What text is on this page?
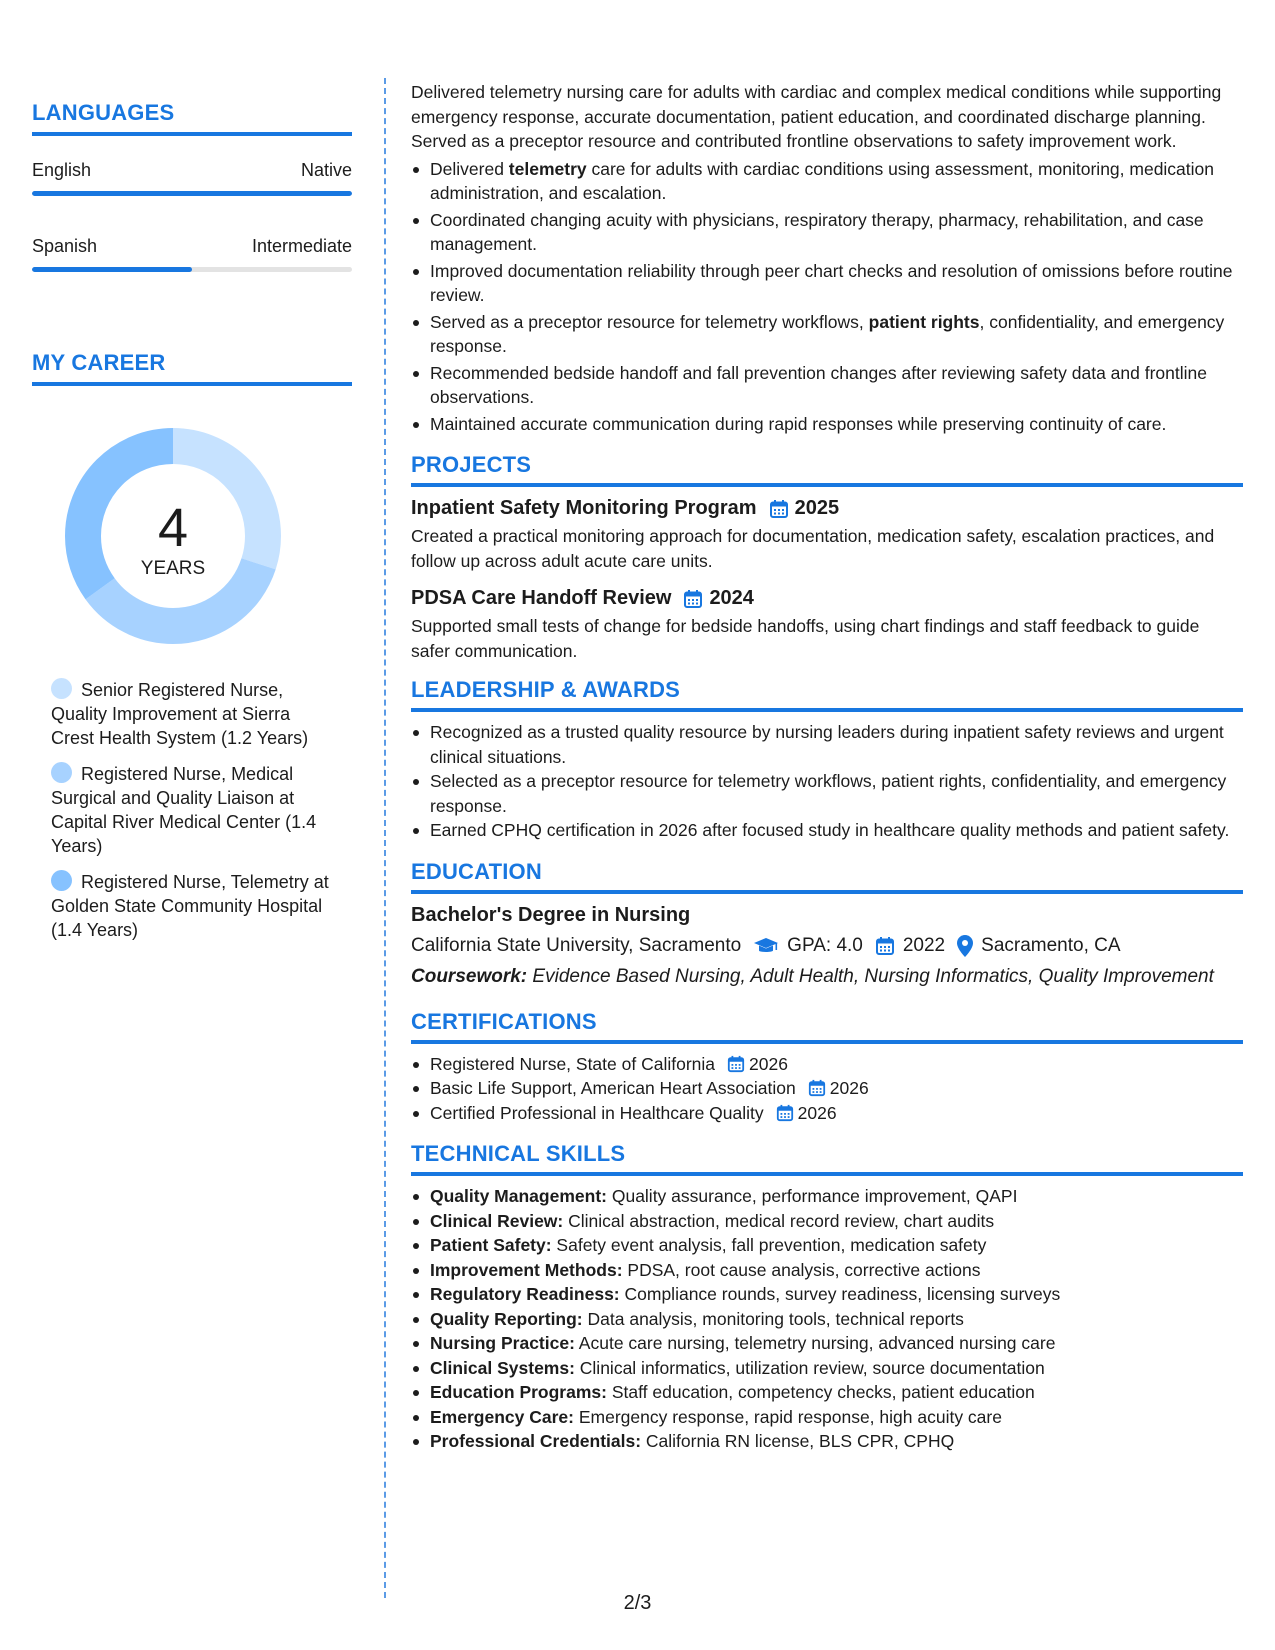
LANGUAGES
English	Native
Spanish	Intermediate
MY CAREER
4
YEARS
Senior Registered Nurse, Quality Improvement at Sierra Crest Health System (1.2 Years)
Registered Nurse, Medical Surgical and Quality Liaison at Capital River Medical Center (1.4 Years)
Registered Nurse, Telemetry at Golden State Community Hospital (1.4 Years)
Delivered telemetry nursing care for adults with cardiac and complex medical conditions while supporting emergency response, accurate documentation, patient education, and coordinated discharge planning. Served as a preceptor resource and contributed frontline observations to safety improvement work.
Delivered telemetry care for adults with cardiac conditions using assessment, monitoring, medication administration, and escalation.
Coordinated changing acuity with physicians, respiratory therapy, pharmacy, rehabilitation, and case management.
Improved documentation reliability through peer chart checks and resolution of omissions before routine review.
Served as a preceptor resource for telemetry workflows, patient rights, confidentiality, and emergency response.
Recommended bedside handoff and fall prevention changes after reviewing safety data and frontline observations.
Maintained accurate communication during rapid responses while preserving continuity of care.
PROJECTS
Inpatient Safety Monitoring Program 2025
Created a practical monitoring approach for documentation, medication safety, escalation practices, and follow up across adult acute care units.
PDSA Care Handoff Review 2024
Supported small tests of change for bedside handoffs, using chart findings and staff feedback to guide safer communication.
LEADERSHIP & AWARDS
Recognized as a trusted quality resource by nursing leaders during inpatient safety reviews and urgent clinical situations.
Selected as a preceptor resource for telemetry workflows, patient rights, confidentiality, and emergency response.
Earned CPHQ certification in 2026 after focused study in healthcare quality methods and patient safety.
EDUCATION
Bachelor's Degree in Nursing
California State University, Sacramento GPA: 4.0 2022 Sacramento, CA
Coursework: Evidence Based Nursing, Adult Health, Nursing Informatics, Quality Improvement
CERTIFICATIONS
Registered Nurse, State of California 2026
Basic Life Support, American Heart Association 2026
Certified Professional in Healthcare Quality 2026
TECHNICAL SKILLS
Quality Management: Quality assurance, performance improvement, QAPI
Clinical Review: Clinical abstraction, medical record review, chart audits
Patient Safety: Safety event analysis, fall prevention, medication safety
Improvement Methods: PDSA, root cause analysis, corrective actions
Regulatory Readiness: Compliance rounds, survey readiness, licensing surveys
Quality Reporting: Data analysis, monitoring tools, technical reports
Nursing Practice: Acute care nursing, telemetry nursing, advanced nursing care
Clinical Systems: Clinical informatics, utilization review, source documentation
Education Programs: Staff education, competency checks, patient education
Emergency Care: Emergency response, rapid response, high acuity care
Professional Credentials: California RN license, BLS CPR, CPHQ
2/3
